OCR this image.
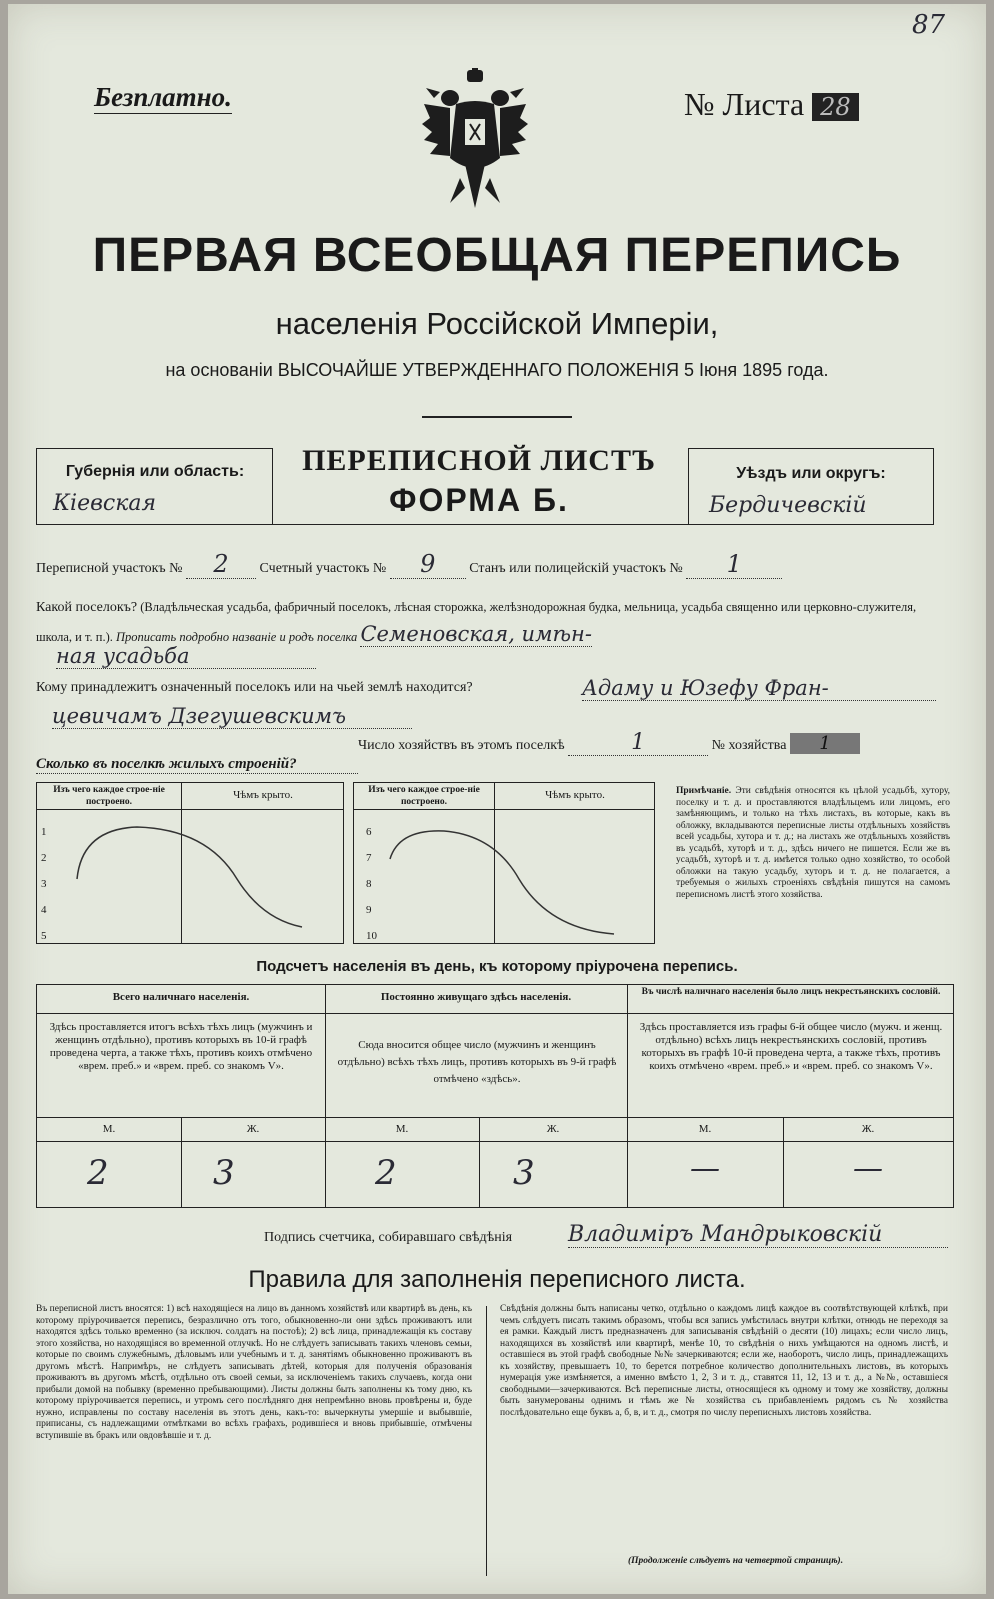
87
Безплатно.	№ Листа 28
ПЕРВАЯ ВСЕОБЩАЯ ПЕРЕПИСЬ
населенія Россійской Имперіи,
на основаніи ВЫСОЧАЙШЕ УТВЕРЖДЕННАГО ПОЛОЖЕНІЯ 5 Іюня 1895 года.
Губернія или область:
Кіевская
ПЕРЕПИСНОЙ ЛИСТЪ
ФОРМА Б.
Уѣздъ или округъ:
Бердичевскій
Переписной участокъ № 2 Счетный участокъ № 9 Станъ или полицейскій участокъ № 1
Какой поселокъ? (Владѣльческая усадьба, фабричный поселокъ, лѣсная сторожка, желѣзнодорожная будка, мельница, усадьба священно или церковно-служителя, школа, и т. п.). Прописать подробно названіе и родъ поселка Семеновская, имѣн-
ная усадьба
Кому принадлежитъ означенный поселокъ или на чьей землѣ находится?	Адаму и Юзефу Фран-
цевичамъ Дзегушевскимъ
Число хозяйствъ въ этомъ поселкѣ	1	№ хозяйства 1
Сколько въ поселкѣ жилыхъ строеній?
Изъ чего каждое строе-ніе построено.
Чѣмъ крыто.
1
2
3
4
5
Изъ чего каждое строе-ніе построено.
Чѣмъ крыто.
6
7
8
9
10
Примѣчаніе. Эти свѣдѣнія относятся къ цѣлой усадьбѣ, хутору, поселку и т. д. и проставляются владѣльцемъ или лицомъ, его замѣняющимъ, и только на тѣхъ листахъ, въ которые, какъ въ обложку, вкладываются переписные листы отдѣльныхъ хозяйствъ всей усадьбы, хутора и т. д.; на листахъ же отдѣльныхъ хозяйствъ въ усадьбѣ, хуторѣ и т. д., здѣсь ничего не пишется. Если же въ усадьбѣ, хуторѣ и т. д. имѣется только одно хозяйство, то особой обложки на такую усадьбу, хуторъ и т. д. не полагается, а требуемыя о жилыхъ строеніяхъ свѣдѣнія пишутся на самомъ переписномъ листѣ этого хозяйства.
Подсчетъ населенія въ день, къ которому пріурочена перепись.
Всего наличнаго населенія.	Постоянно живущаго здѣсь населенія.	Въ числѣ наличнаго населенія было лицъ некрестьянскихъ сословій.
Здѣсь проставляется итогъ всѣхъ тѣхъ лицъ (мужчинъ и женщинъ отдѣльно), противъ которыхъ въ 10-й графѣ проведена черта, а также тѣхъ, противъ коихъ отмѣчено «врем. преб.» и «врем. преб. со знакомъ V».
Сюда вносится общее число (мужчинъ и женщинъ отдѣльно) всѣхъ тѣхъ лицъ, противъ которыхъ въ 9-й графѣ отмѣчено «здѣсь».
Здѣсь проставляется изъ графы 6-й общее число (мужч. и женщ. отдѣльно) всѣхъ лицъ некрестьянскихъ сословій, противъ которыхъ въ графѣ 10-й проведена черта, а также тѣхъ, противъ коихъ отмѣчено «врем. преб.» и «врем. преб. со знакомъ V».
М.	Ж.	М.	Ж.	М.	Ж.
2	3	2	3	—	—
Подпись счетчика, собиравшаго свѣдѣнія	Владиміръ Мандрыковскій
Правила для заполненія переписного листа.
Въ переписной листъ вносятся: 1) всѣ находящіеся на лицо въ данномъ хозяйствѣ или квартирѣ въ день, къ которому пріурочивается перепись, безразлично отъ того, обыкновенно-ли они здѣсь проживаютъ или находятся здѣсь только временно (за исключ. солдатъ на постоѣ); 2) всѣ лица, принадлежащія къ составу этого хозяйства, но находящіяся во временной отлучкѣ. Но не слѣдуетъ записывать такихъ членовъ семьи, которые по своимъ служебнымъ, дѣловымъ или учебнымъ и т. д. занятіямъ обыкновенно проживаютъ въ другомъ мѣстѣ. Напримѣръ, не слѣдуетъ записывать дѣтей, которыя для полученія образованія проживаютъ въ другомъ мѣстѣ, отдѣльно отъ своей семьи, за исключеніемъ такихъ случаевъ, когда они прибыли домой на побывку (временно пребывающими). Листы должны быть заполнены къ тому дню, къ которому пріурочивается перепись, и утромъ сего послѣдняго дня непремѣнно вновь провѣрены и, буде нужно, исправлены по составу населенія въ этотъ день, какъ-то: вычеркнуты умершіе и выбывшіе, приписаны, съ надлежащими отмѣтками во всѣхъ графахъ, родившіеся и вновь прибывшіе, отмѣчены вступившіе въ бракъ или овдовѣвшіе и т. д.
Свѣдѣнія должны быть написаны четко, отдѣльно о каждомъ лицѣ каждое въ соотвѣтствующей клѣткѣ, при чемъ слѣдуетъ писать такимъ образомъ, чтобы вся запись умѣстилась внутри клѣтки, отнюдь не переходя за ея рамки. Каждый листъ предназначенъ для записыванія свѣдѣній о десяти (10) лицахъ; если число лицъ, находящихся въ хозяйствѣ или квартирѣ, менѣе 10, то свѣдѣнія о нихъ умѣщаются на одномъ листѣ, и оставшіеся въ этой графѣ свободные №№ зачеркиваются; если же, наоборотъ, число лицъ, принадлежащихъ къ хозяйству, превышаетъ 10, то берется потребное количество дополнительныхъ листовъ, въ которыхъ нумерація уже измѣняется, а именно вмѣсто 1, 2, 3 и т. д., ставятся 11, 12, 13 и т. д., а №№, оставшіеся свободными—зачеркиваются. Всѣ переписные листы, относящіеся къ одному и тому же хозяйству, должны быть занумерованы однимъ и тѣмъ же № хозяйства съ прибавленіемъ рядомъ съ № хозяйства послѣдовательно еще буквъ а, б, в, и т. д., смотря по числу переписныхъ листовъ хозяйства.
(Продолженіе слѣдуетъ на четвертой страницѣ).
